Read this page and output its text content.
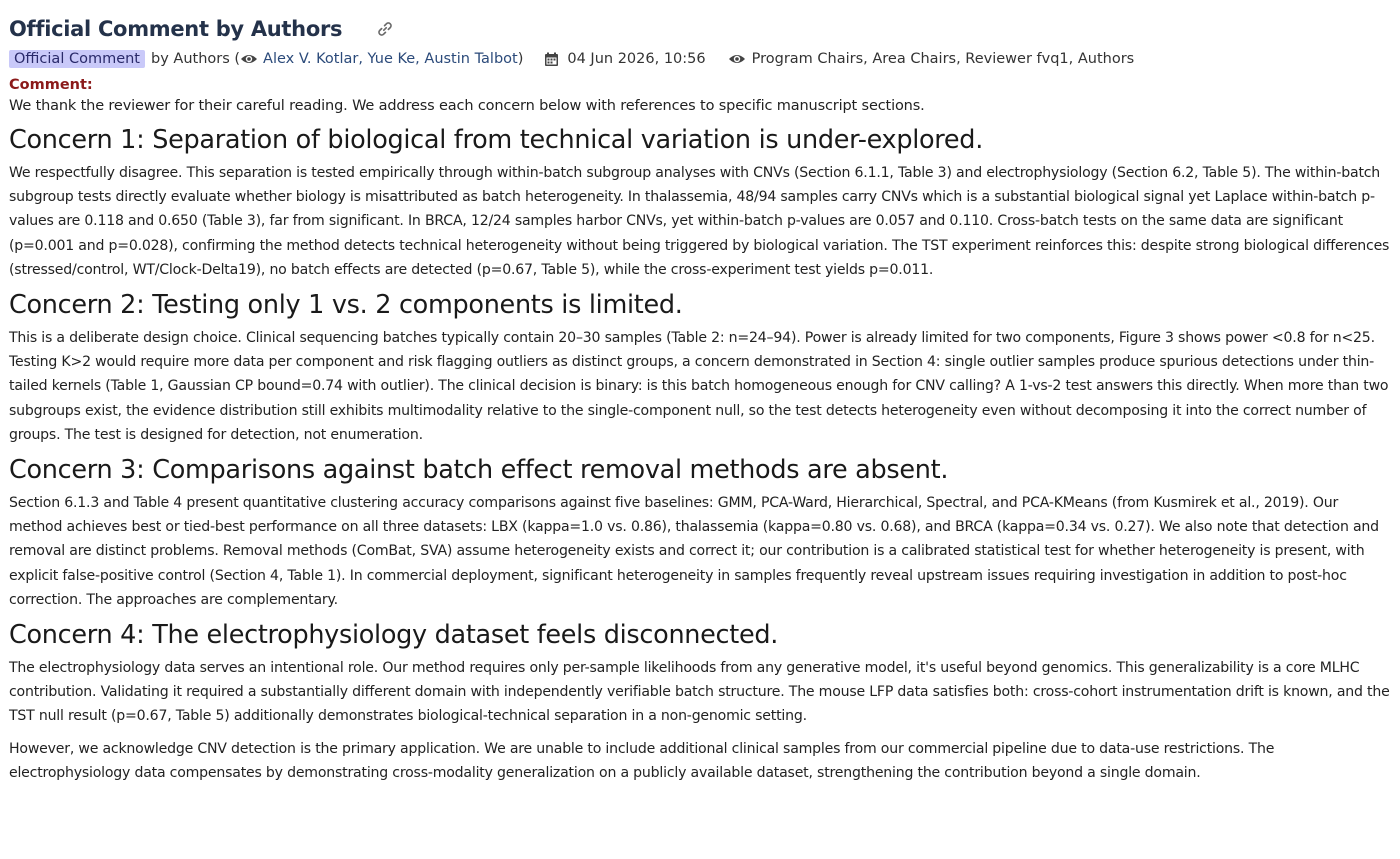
Official Comment by Authors
Official Comment by Authors ( Alex V. Kotlar, Yue Ke, Austin Talbot )	04 Jun 2026, 10:56	Program Chairs, Area Chairs, Reviewer fvq1, Authors
Comment:

We thank the reviewer for their careful reading. We address each concern below with references to specific manuscript sections.

Concern 1: Separation of biological from technical variation is under-explored.

We respectfully disagree. This separation is tested empirically through within-batch subgroup analyses with CNVs (Section 6.1.1, Table 3) and electrophysiology (Section 6.2, Table 5). The within-batch subgroup tests directly evaluate whether biology is misattributed as batch heterogeneity. In thalassemia, 48/94 samples carry CNVs which is a substantial biological signal yet Laplace within-batch p-values are 0.118 and 0.650 (Table 3), far from significant. In BRCA, 12/24 samples harbor CNVs, yet within-batch p-values are 0.057 and 0.110. Cross-batch tests on the same data are significant (p=0.001 and p=0.028), confirming the method detects technical heterogeneity without being triggered by biological variation. The TST experiment reinforces this: despite strong biological differences (stressed/control, WT/Clock-Delta19), no batch effects are detected (p=0.67, Table 5), while the cross-experiment test yields p=0.011.

Concern 2: Testing only 1 vs. 2 components is limited.

This is a deliberate design choice. Clinical sequencing batches typically contain 20–30 samples (Table 2: n=24–94). Power is already limited for two components, Figure 3 shows power <0.8 for n<25. Testing K>2 would require more data per component and risk flagging outliers as distinct groups, a concern demonstrated in Section 4: single outlier samples produce spurious detections under thin-tailed kernels (Table 1, Gaussian CP bound=0.74 with outlier). The clinical decision is binary: is this batch homogeneous enough for CNV calling? A 1-vs-2 test answers this directly. When more than two subgroups exist, the evidence distribution still exhibits multimodality relative to the single-component null, so the test detects heterogeneity even without decomposing it into the correct number of groups. The test is designed for detection, not enumeration.

Concern 3: Comparisons against batch effect removal methods are absent.

Section 6.1.3 and Table 4 present quantitative clustering accuracy comparisons against five baselines: GMM, PCA-Ward, Hierarchical, Spectral, and PCA-KMeans (from Kusmirek et al., 2019). Our method achieves best or tied-best performance on all three datasets: LBX (kappa=1.0 vs. 0.86), thalassemia (kappa=0.80 vs. 0.68), and BRCA (kappa=0.34 vs. 0.27). We also note that detection and removal are distinct problems. Removal methods (ComBat, SVA) assume heterogeneity exists and correct it; our contribution is a calibrated statistical test for whether heterogeneity is present, with explicit false-positive control (Section 4, Table 1). In commercial deployment, significant heterogeneity in samples frequently reveal upstream issues requiring investigation in addition to post-hoc correction. The approaches are complementary.

Concern 4: The electrophysiology dataset feels disconnected.

The electrophysiology data serves an intentional role. Our method requires only per-sample likelihoods from any generative model, it's useful beyond genomics. This generalizability is a core MLHC contribution. Validating it required a substantially different domain with independently verifiable batch structure. The mouse LFP data satisfies both: cross-cohort instrumentation drift is known, and the TST null result (p=0.67, Table 5) additionally demonstrates biological-technical separation in a non-genomic setting.

However, we acknowledge CNV detection is the primary application. We are unable to include additional clinical samples from our commercial pipeline due to data-use restrictions. The electrophysiology data compensates by demonstrating cross-modality generalization on a publicly available dataset, strengthening the contribution beyond a single domain.
